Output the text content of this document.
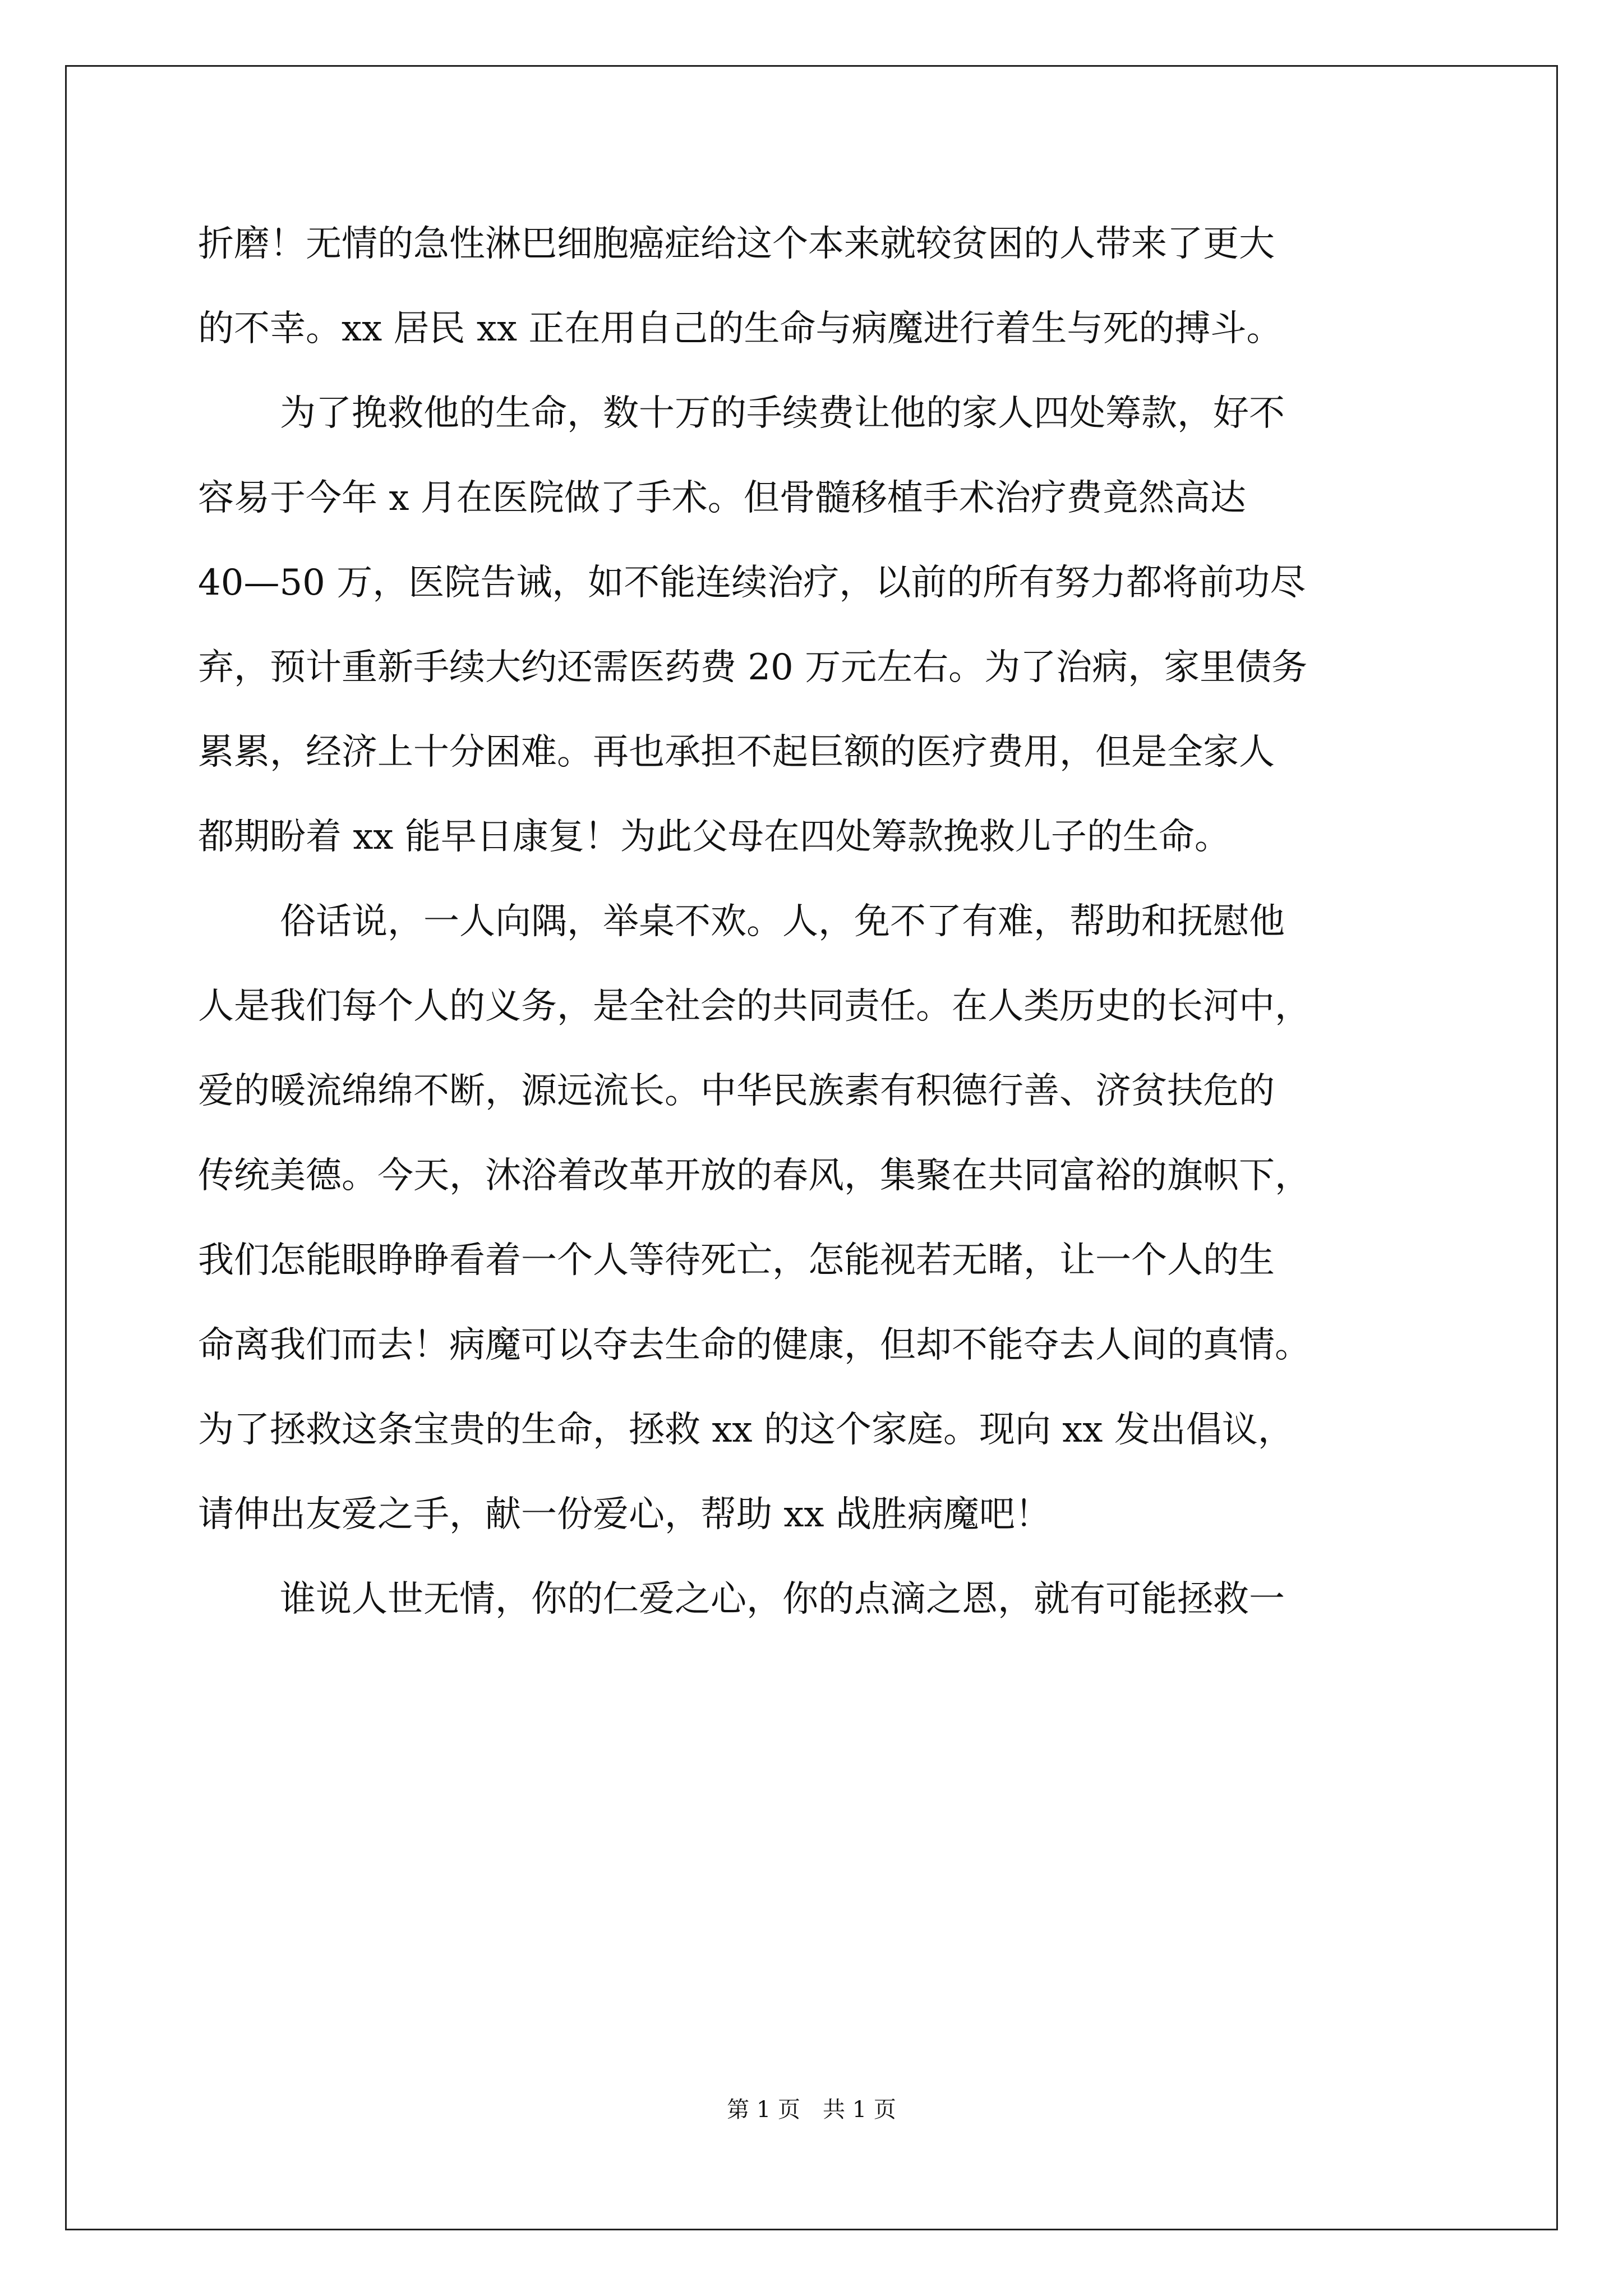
折磨！无情的急性淋巴细胞癌症给这个本来就较贫困的人带来了更大
的不幸。xx 居民 xx 正在用自己的生命与病魔进行着生与死的搏斗。
为了挽救他的生命，数十万的手续费让他的家人四处筹款，好不
容易于今年 x 月在医院做了手术。但骨髓移植手术治疗费竟然高达
40—50 万，医院告诫，如不能连续治疗，以前的所有努力都将前功尽
弃，预计重新手续大约还需医药费 20 万元左右。为了治病，家里债务
累累，经济上十分困难。再也承担不起巨额的医疗费用，但是全家人
都期盼着 xx 能早日康复！为此父母在四处筹款挽救儿子的生命。
俗话说，一人向隅，举桌不欢。人，免不了有难，帮助和抚慰他
人是我们每个人的义务，是全社会的共同责任。在人类历史的长河中，
爱的暖流绵绵不断，源远流长。中华民族素有积德行善、济贫扶危的
传统美德。今天，沐浴着改革开放的春风，集聚在共同富裕的旗帜下，
我们怎能眼睁睁看着一个人等待死亡，怎能视若无睹，让一个人的生
命离我们而去！病魔可以夺去生命的健康，但却不能夺去人间的真情。
为了拯救这条宝贵的生命，拯救 xx 的这个家庭。现向 xx 发出倡议，
请伸出友爱之手，献一份爱心，帮助 xx 战胜病魔吧！
谁说人世无情，你的仁爱之心，你的点滴之恩，就有可能拯救一
第 1 页 共 1 页
